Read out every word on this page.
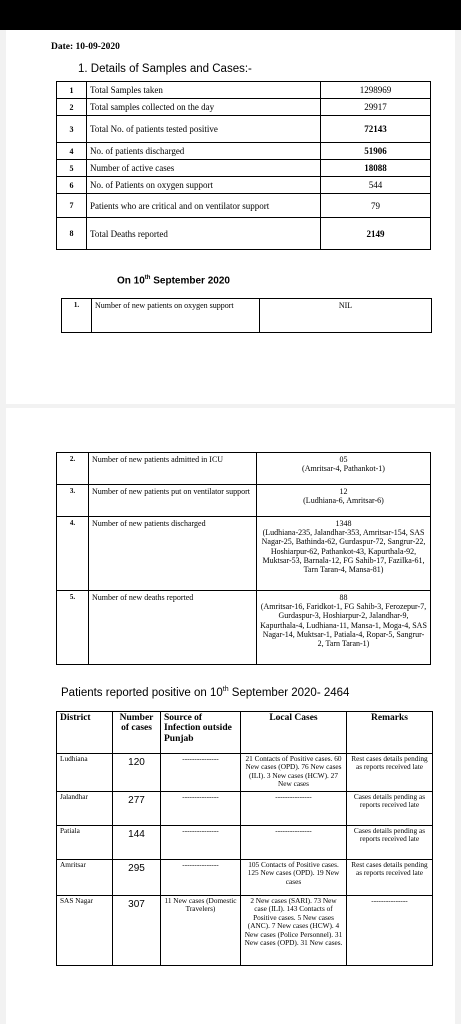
Date: 10-09-2020
1. Details of Samples and Cases:-
1	Total Samples taken	1298969
2	Total samples collected on the day	29917
3	Total No. of patients tested positive	72143
4	No. of patients discharged	51906
5	Number of active cases	18088
6	No. of Patients on oxygen support	544
7	Patients who are critical and on ventilator support	79
8	Total Deaths reported	2149
On 10th September 2020
1.	Number of new patients on oxygen support	NIL
2.	Number of new patients admitted in ICU	05
(Amritsar-4, Pathankot-1)
3.	Number of new patients put on ventilator support	12
(Ludhiana-6, Amritsar-6)
4.	Number of new patients discharged	1348
(Ludhiana-235, Jalandhar-353, Amritsar-154, SAS Nagar-25, Bathinda-62, Gurdaspur-72, Sangrur-22, Hoshiarpur-62, Pathankot-43, Kapurthala-92, Muktsar-53, Barnala-12, FG Sahib-17, Fazilka-61, Tarn Taran-4, Mansa-81)
5.	Number of new deaths reported	88
(Amritsar-16, Faridkot-1, FG Sahib-3, Ferozepur-7, Gurdaspur-3, Hoshiarpur-2, Jalandhar-9, Kapurthala-4, Ludhiana-11, Mansa-1, Moga-4, SAS Nagar-14, Muktsar-1, Patiala-4, Ropar-5, Sangrur-2, Tarn Taran-1)
Patients reported positive on 10th September 2020- 2464
District	Number of cases	Source of Infection outside Punjab	Local Cases	Remarks
Ludhiana	120	---------------	21 Contacts of Positive cases. 60 New cases (OPD). 76 New cases (ILI). 3 New cases (HCW). 27 New cases	Rest cases details pending as reports received late
Jalandhar	277	---------------	---------------	Cases details pending as reports received late
Patiala	144	---------------	---------------	Cases details pending as reports received late
Amritsar	295	---------------	105 Contacts of Positive cases. 125 New cases (OPD). 19 New cases	Rest cases details pending as reports received late
SAS Nagar	307	11 New cases (Domestic Travelers)	2 New cases (SARI). 73 New case (ILI). 143 Contacts of Positive cases. 5 New cases (ANC). 7 New cases (HCW). 4 New cases (Police Personnel). 31 New cases (OPD). 31 New cases.	---------------
